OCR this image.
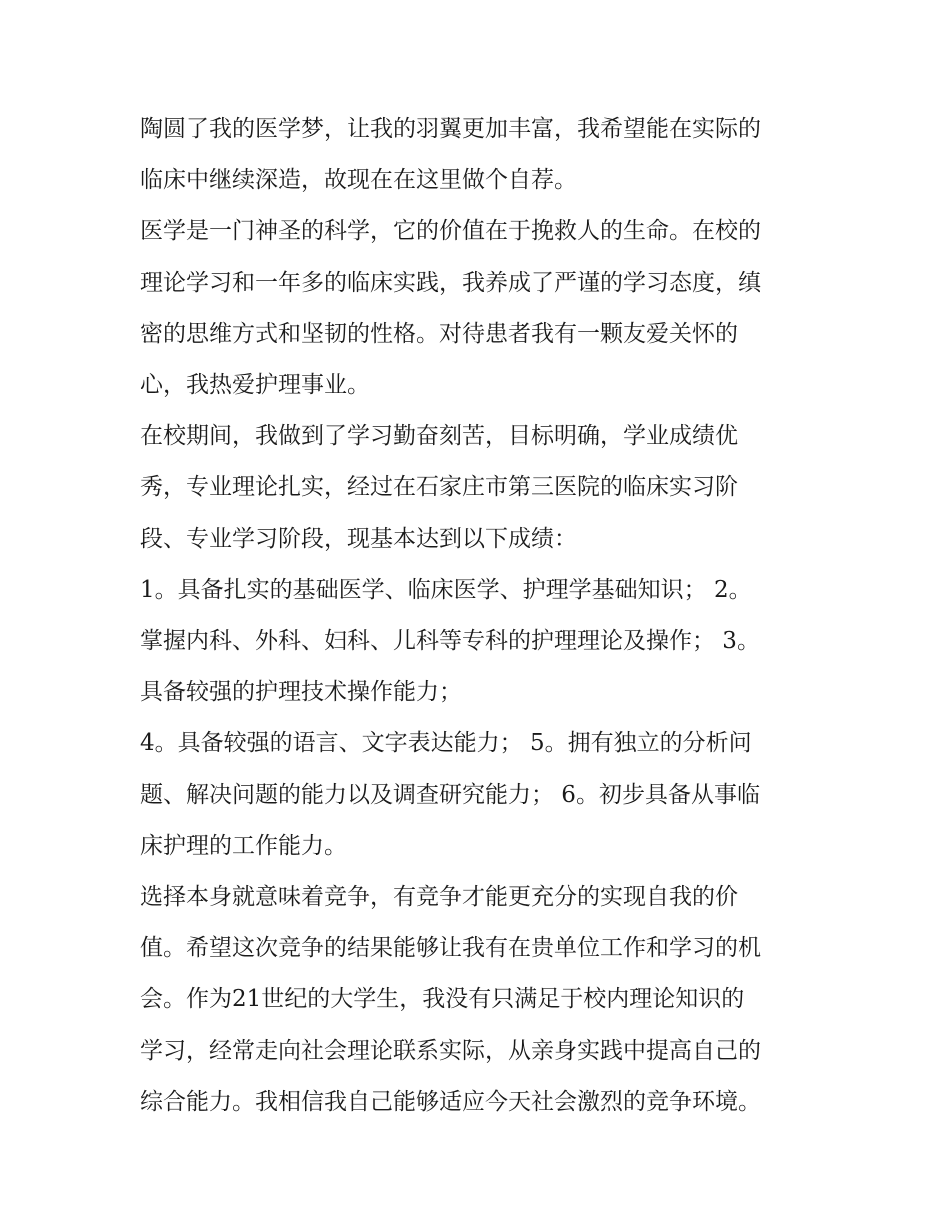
陶圆了我的医学梦，让我的羽翼更加丰富，我希望能在实际的
临床中继续深造，故现在在这里做个自荐。

医学是一门神圣的科学，它的价值在于挽救人的生命。在校的
理论学习和一年多的临床实践，我养成了严谨的学习态度，缜
密的思维方式和坚韧的性格。对待患者我有一颗友爱关怀的
心，我热爱护理事业。

在校期间，我做到了学习勤奋刻苦，目标明确，学业成绩优
秀，专业理论扎实，经过在石家庄市第三医院的临床实习阶
段、专业学习阶段，现基本达到以下成绩：

1。具备扎实的基础医学、临床医学、护理学基础知识； 2。
掌握内科、外科、妇科、儿科等专科的护理理论及操作； 3。
具备较强的护理技术操作能力；

4。具备较强的语言、文字表达能力； 5。拥有独立的分析问
题、解决问题的能力以及调查研究能力； 6。初步具备从事临
床护理的工作能力。

选择本身就意味着竞争，有竞争才能更充分的实现自我的价
值。希望这次竞争的结果能够让我有在贵单位工作和学习的机
会。作为21世纪的大学生，我没有只满足于校内理论知识的
学习，经常走向社会理论联系实际，从亲身实践中提高自己的
综合能力。我相信我自己能够适应今天社会激烈的竞争环境。
